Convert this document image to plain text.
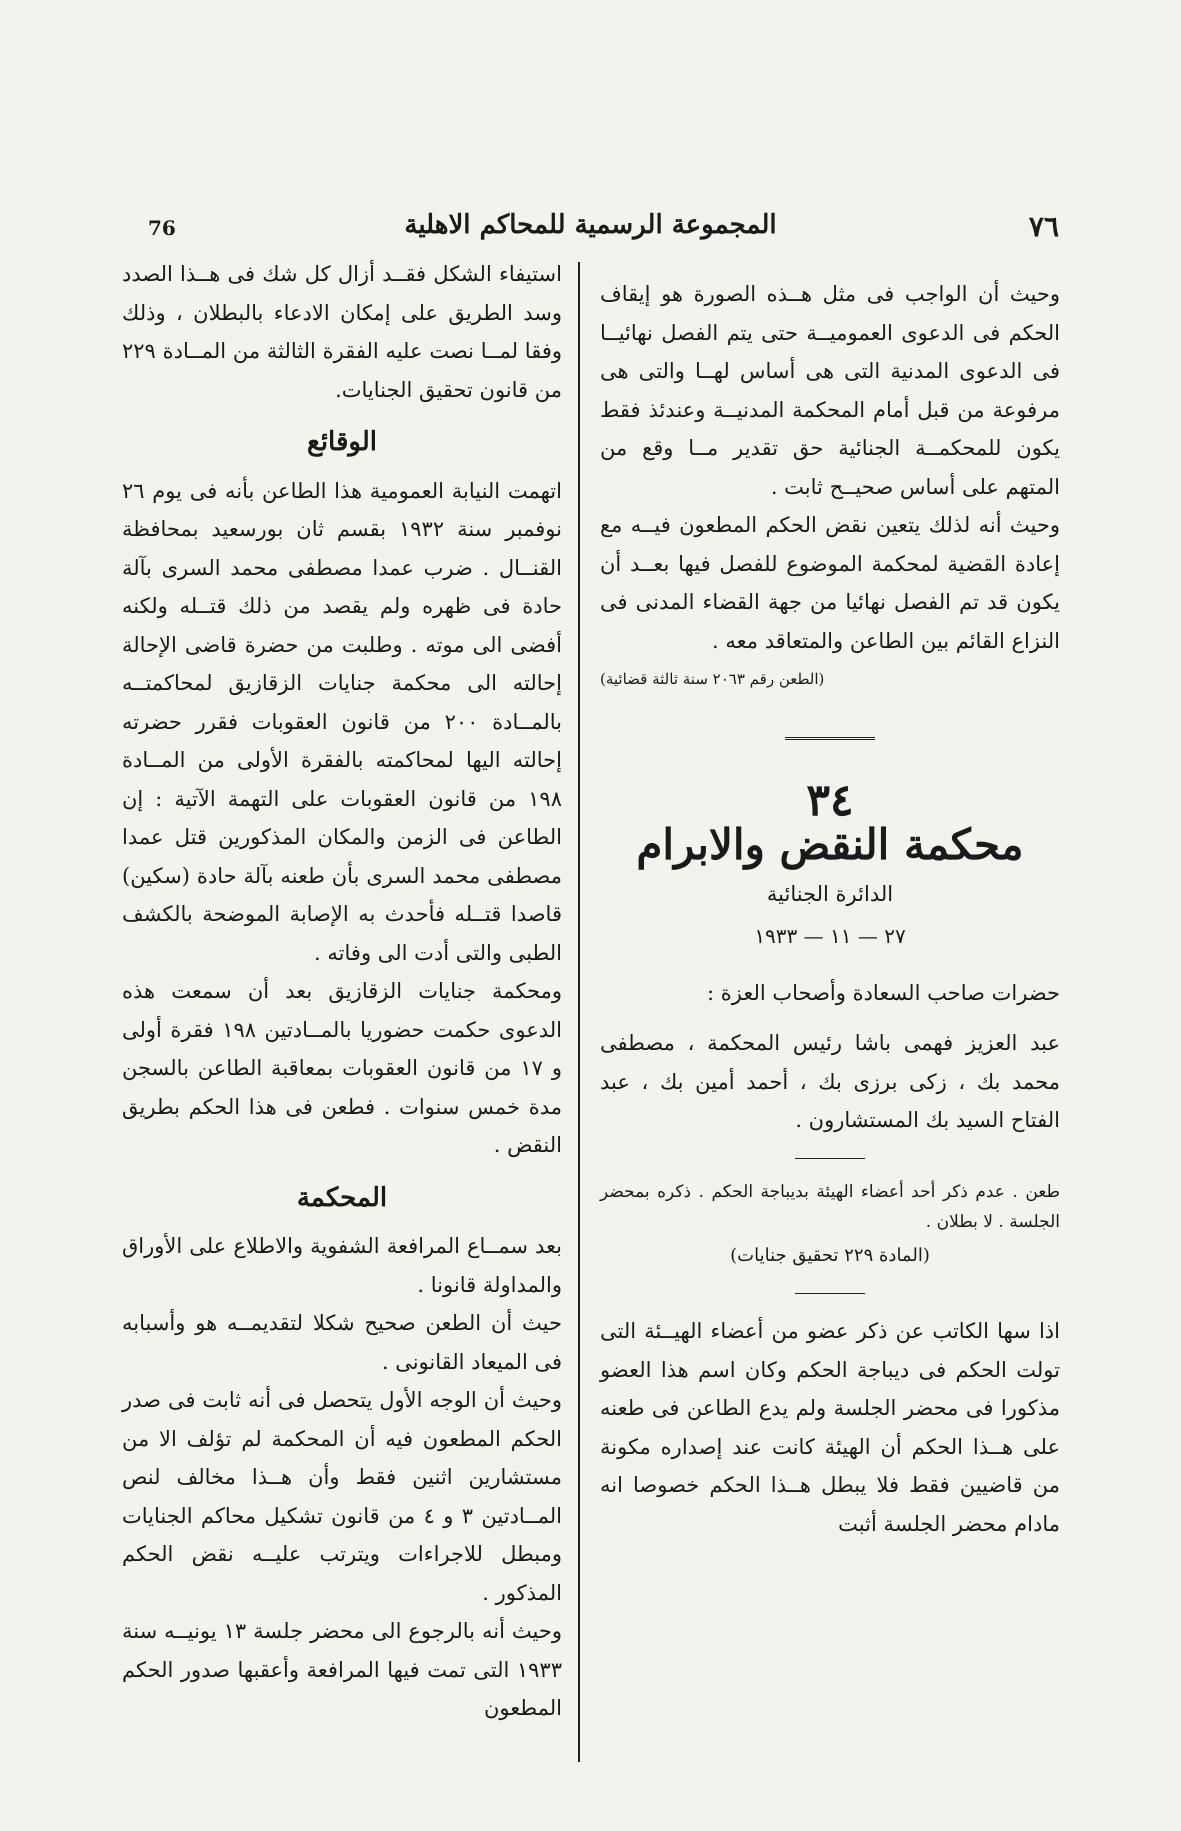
76	المجموعة الرسمية للمحاكم الاهلية	٧٦

وحيث أن الواجب فى مثل هــذه الصورة هو إيقاف الحكم فى الدعوى العموميــة حتى يتم الفصل نهائيــا فى الدعوى المدنية التى هى أساس لهــا والتى هى مرفوعة من قبل أمام المحكمة المدنيــة وعندئذ فقط يكون للمحكمــة الجنائية حق تقدير مــا وقع من المتهم على أساس صحيــح ثابت .

وحيث أنه لذلك يتعين نقض الحكم المطعون فيــه مع إعادة القضية لمحكمة الموضوع للفصل فيها بعــد أن يكون قد تم الفصل نهائيا من جهة القضاء المدنى فى النزاع القائم بين الطاعن والمتعاقد معه .

(الطعن رقم ٢٠٦٣ سنة ثالثة قضائية)

٣٤
محكمة النقض والابرام
الدائرة الجنائية
٢٧ — ١١ — ١٩٣٣

حضرات صاحب السعادة وأصحاب العزة :

عبد العزيز فهمى باشا رئيس المحكمة ، مصطفى محمد بك ، زكى برزى بك ، أحمد أمين بك ، عبد الفتاح السيد بك المستشارون .

طعن . عدم ذكر أحد أعضاء الهيئة بديباجة الحكم . ذكره بمحضر الجلسة . لا بطلان .

(المادة ٢٢٩ تحقيق جنايات)

اذا سها الكاتب عن ذكر عضو من أعضاء الهيــئة التى تولت الحكم فى ديباجة الحكم وكان اسم هذا العضو مذكورا فى محضر الجلسة ولم يدع الطاعن فى طعنه على هــذا الحكم أن الهيئة كانت عند إصداره مكونة من قاضيين فقط فلا يبطل هــذا الحكم خصوصا انه مادام محضر الجلسة أثبت

استيفاء الشكل فقــد أزال كل شك فى هــذا الصدد وسد الطريق على إمكان الادعاء بالبطلان ، وذلك وفقا لمــا نصت عليه الفقرة الثالثة من المــادة ٢٢٩ من قانون تحقيق الجنايات.

الوقائع

اتهمت النيابة العمومية هذا الطاعن بأنه فى يوم ٢٦ نوفمبر سنة ١٩٣٢ بقسم ثان بورسعيد بمحافظة القنــال . ضرب عمدا مصطفى محمد السرى بآلة حادة فى ظهره ولم يقصد من ذلك قتــله ولكنه أفضى الى موته . وطلبت من حضرة قاضى الإحالة إحالته الى محكمة جنايات الزقازيق لمحاكمتــه بالمــادة ٢٠٠ من قانون العقوبات فقرر حضرته إحالته اليها لمحاكمته بالفقرة الأولى من المــادة ١٩٨ من قانون العقوبات على التهمة الآتية : إن الطاعن فى الزمن والمكان المذكورين قتل عمدا مصطفى محمد السرى بأن طعنه بآلة حادة (سكين) قاصدا قتــله فأحدث به الإصابة الموضحة بالكشف الطبى والتى أدت الى وفاته .

ومحكمة جنايات الزقازيق بعد أن سمعت هذه الدعوى حكمت حضوريا بالمــادتين ١٩٨ فقرة أولى و ١٧ من قانون العقوبات بمعاقبة الطاعن بالسجن مدة خمس سنوات . فطعن فى هذا الحكم بطريق النقض .

المحكمة

بعد سمــاع المرافعة الشفوية والاطلاع على الأوراق والمداولة قانونا .

حيث أن الطعن صحيح شكلا لتقديمــه هو وأسبابه فى الميعاد القانونى .

وحيث أن الوجه الأول يتحصل فى أنه ثابت فى صدر الحكم المطعون فيه أن المحكمة لم تؤلف الا من مستشارين اثنين فقط وأن هــذا مخالف لنص المــادتين ٣ و ٤ من قانون تشكيل محاكم الجنايات ومبطل للاجراءات ويترتب عليــه نقض الحكم المذكور .

وحيث أنه بالرجوع الى محضر جلسة ١٣ يونيــه سنة ١٩٣٣ التى تمت فيها المرافعة وأعقبها صدور الحكم المطعون
